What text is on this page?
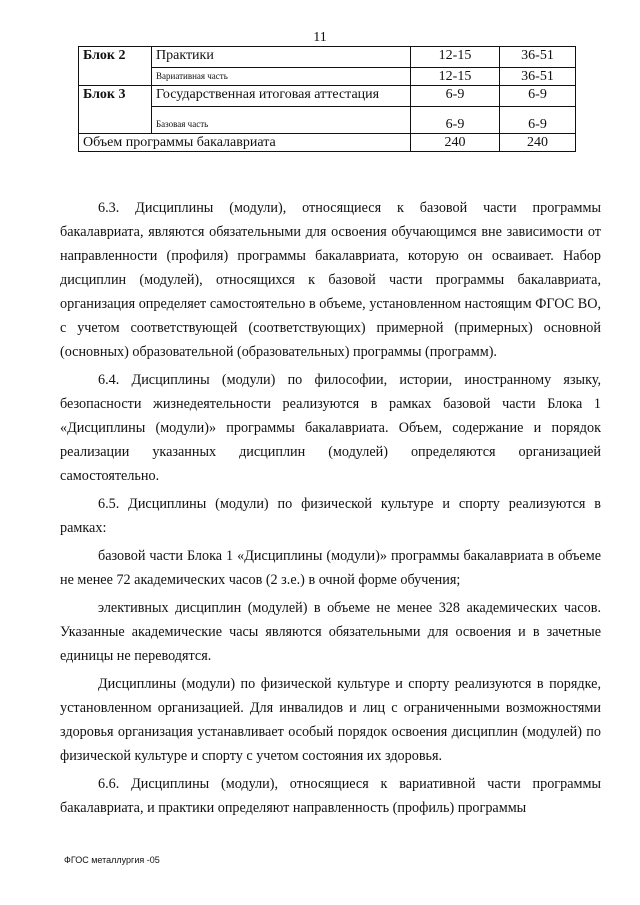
11
Блок 2	Практики	12-15	36-51
	Вариативная часть	12-15	36-51
Блок 3	Государственная итоговая аттестация	6-9	6-9
	Базовая часть	6-9	6-9
Объем программы бакалавриата		240	240

6.3. Дисциплины (модули), относящиеся к базовой части программы бакалавриата, являются обязательными для освоения обучающимся вне зависимости от направленности (профиля) программы бакалавриата, которую он осваивает. Набор дисциплин (модулей), относящихся к базовой части программы бакалавриата, организация определяет самостоятельно в объеме, установленном настоящим ФГОС ВО, с учетом соответствующей (соответствующих) примерной (примерных) основной (основных) образовательной (образовательных) программы (программ).

6.4. Дисциплины (модули) по философии, истории, иностранному языку, безопасности жизнедеятельности реализуются в рамках базовой части Блока 1 «Дисциплины (модули)» программы бакалавриата. Объем, содержание и порядок реализации указанных дисциплин (модулей) определяются организацией самостоятельно.

6.5. Дисциплины (модули) по физической культуре и спорту реализуются в рамках:

базовой части Блока 1 «Дисциплины (модули)» программы бакалавриата в объеме не менее 72 академических часов (2 з.е.) в очной форме обучения;

элективных дисциплин (модулей) в объеме не менее 328 академических часов. Указанные академические часы являются обязательными для освоения и в зачетные единицы не переводятся.

Дисциплины (модули) по физической культуре и спорту реализуются в порядке, установленном организацией. Для инвалидов и лиц с ограниченными возможностями здоровья организация устанавливает особый порядок освоения дисциплин (модулей) по физической культуре и спорту с учетом состояния их здоровья.

6.6. Дисциплины (модули), относящиеся к вариативной части программы бакалавриата, и практики определяют направленность (профиль) программы

ФГОС металлургия -05
